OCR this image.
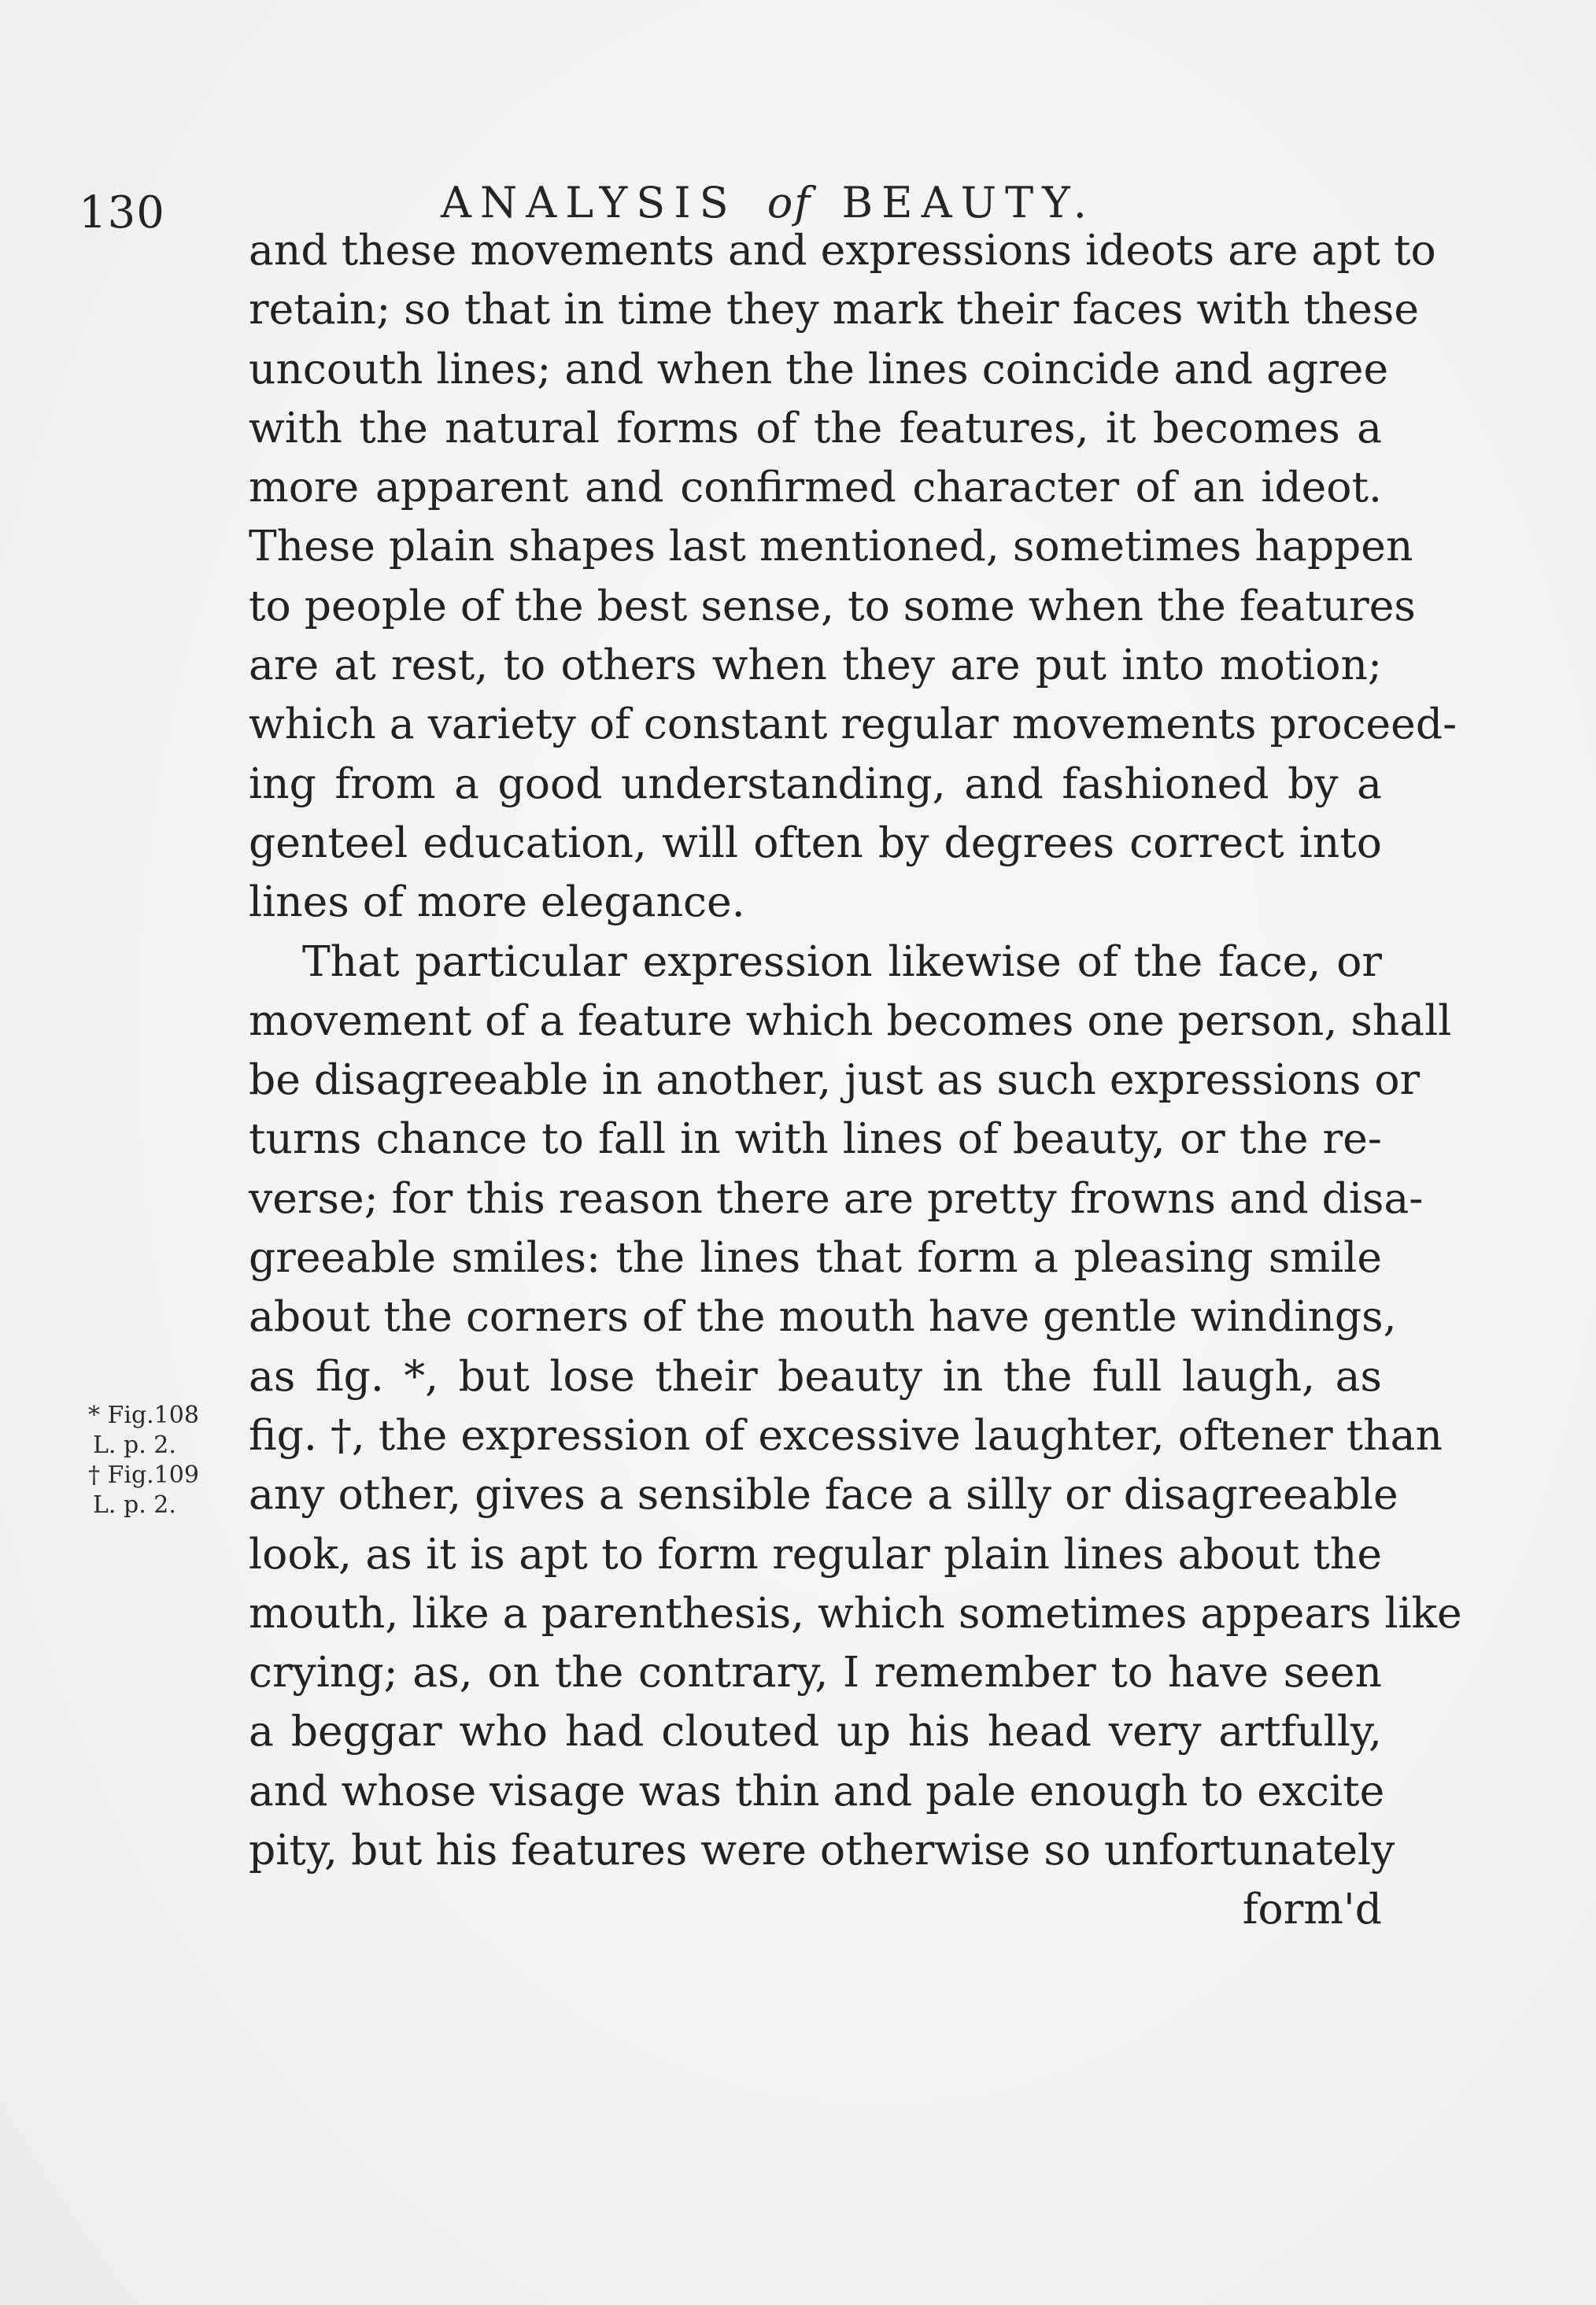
130	ANALYSIS of BEAUTY.
and these movements and expressions ideots are apt to
retain; so that in time they mark their faces with these
uncouth lines; and when the lines coincide and agree
with the natural forms of the features, it becomes a
more apparent and confirmed character of an ideot.
These plain shapes last mentioned, sometimes happen
to people of the best sense, to some when the features
are at rest, to others when they are put into motion;
which a variety of constant regular movements proceed-
ing from a good understanding, and fashioned by a
genteel education, will often by degrees correct into
lines of more elegance.
That particular expression likewise of the face, or
movement of a feature which becomes one person, shall
be disagreeable in another, just as such expressions or
turns chance to fall in with lines of beauty, or the re-
verse; for this reason there are pretty frowns and disa-
greeable smiles: the lines that form a pleasing smile
about the corners of the mouth have gentle windings,
as fig. *, but lose their beauty in the full laugh, as
fig. †, the expression of excessive laughter, oftener than
any other, gives a sensible face a silly or disagreeable
look, as it is apt to form regular plain lines about the
mouth, like a parenthesis, which sometimes appears like
crying; as, on the contrary, I remember to have seen
a beggar who had clouted up his head very artfully,
and whose visage was thin and pale enough to excite
pity, but his features were otherwise so unfortunately
form'd
* Fig.108
L. p. 2.
† Fig.109
L. p. 2.
